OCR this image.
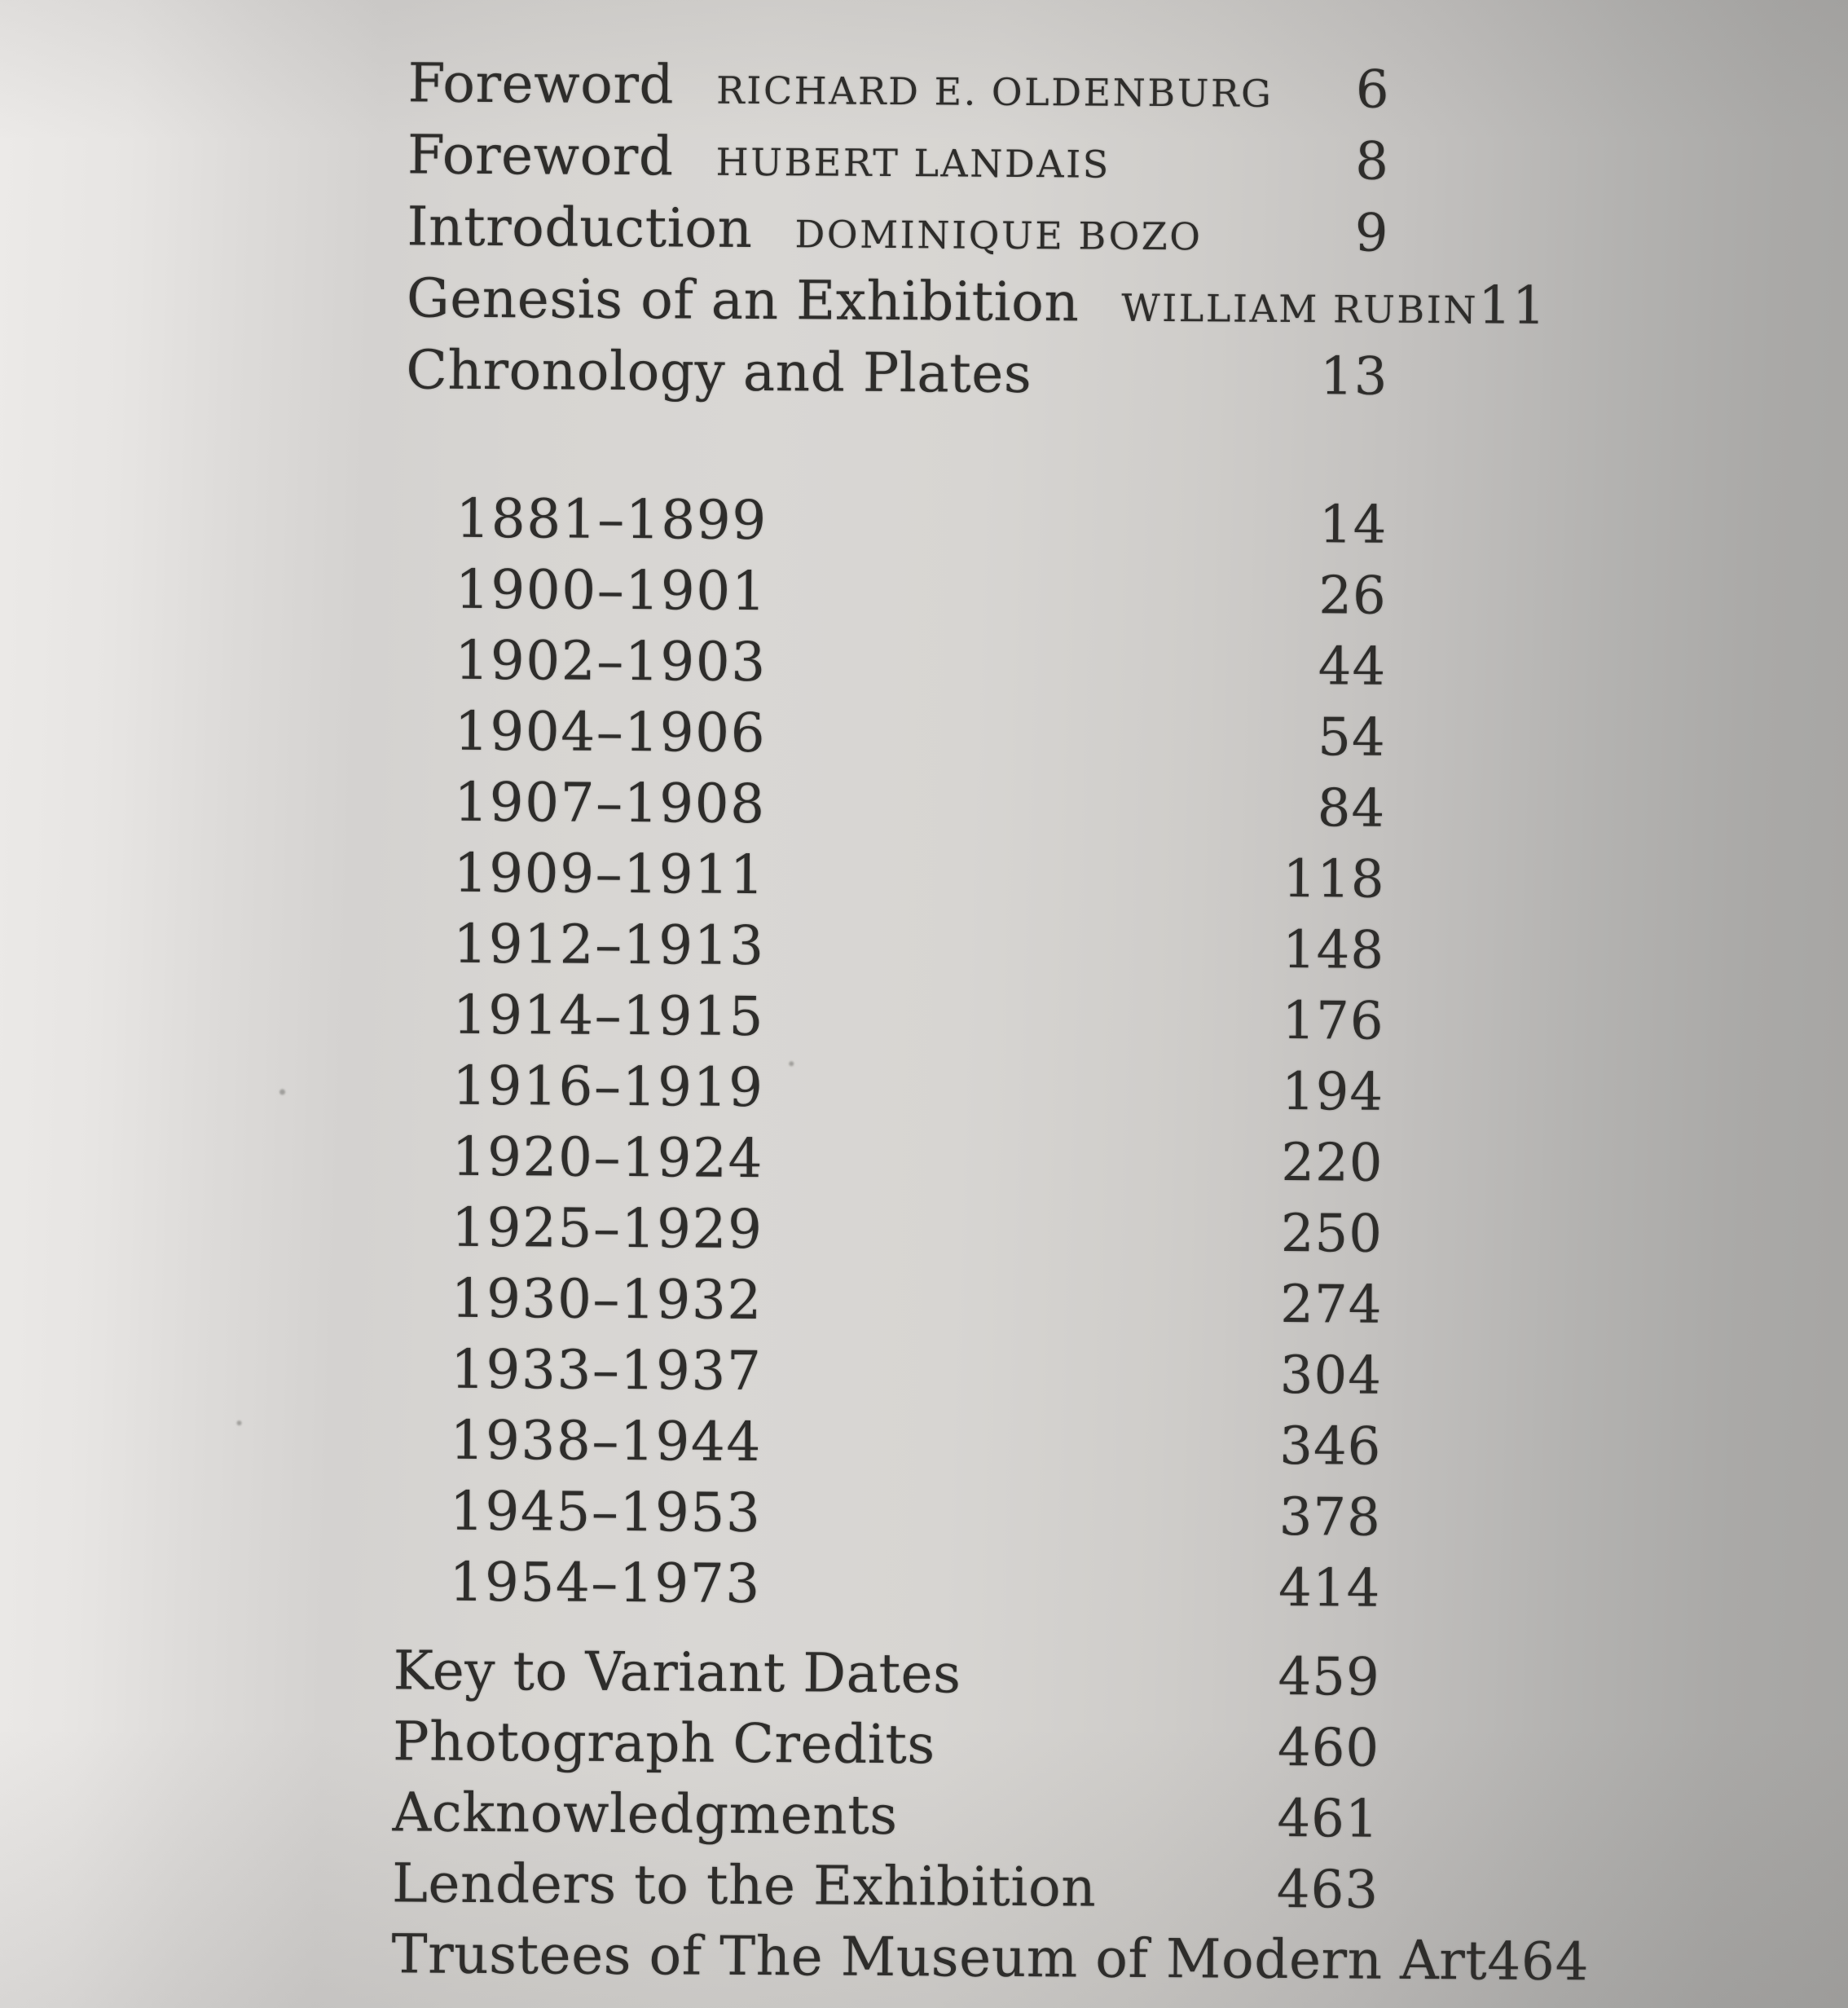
Foreword RICHARD E. OLDENBURG 6
Foreword HUBERT LANDAIS	8
Introduction DOMINIQUE BOZO	9
Genesis of an Exhibition WILLIAM RUBIN 11
Chronology and Plates	13
1881–1899	14
1900–1901	26
1902–1903	44
1904–1906	54
1907–1908	84
1909–1911	118
1912–1913	148
1914–1915	176
1916–1919	194
1920–1924	220
1925–1929	250
1930–1932	274
1933–1937	304
1938–1944	346
1945–1953	378
1954–1973	414
Key to Variant Dates	459
Photograph Credits	460
Acknowledgments	461
Lenders to the Exhibition	463
Trustees of The Museum of Modern Art 464
